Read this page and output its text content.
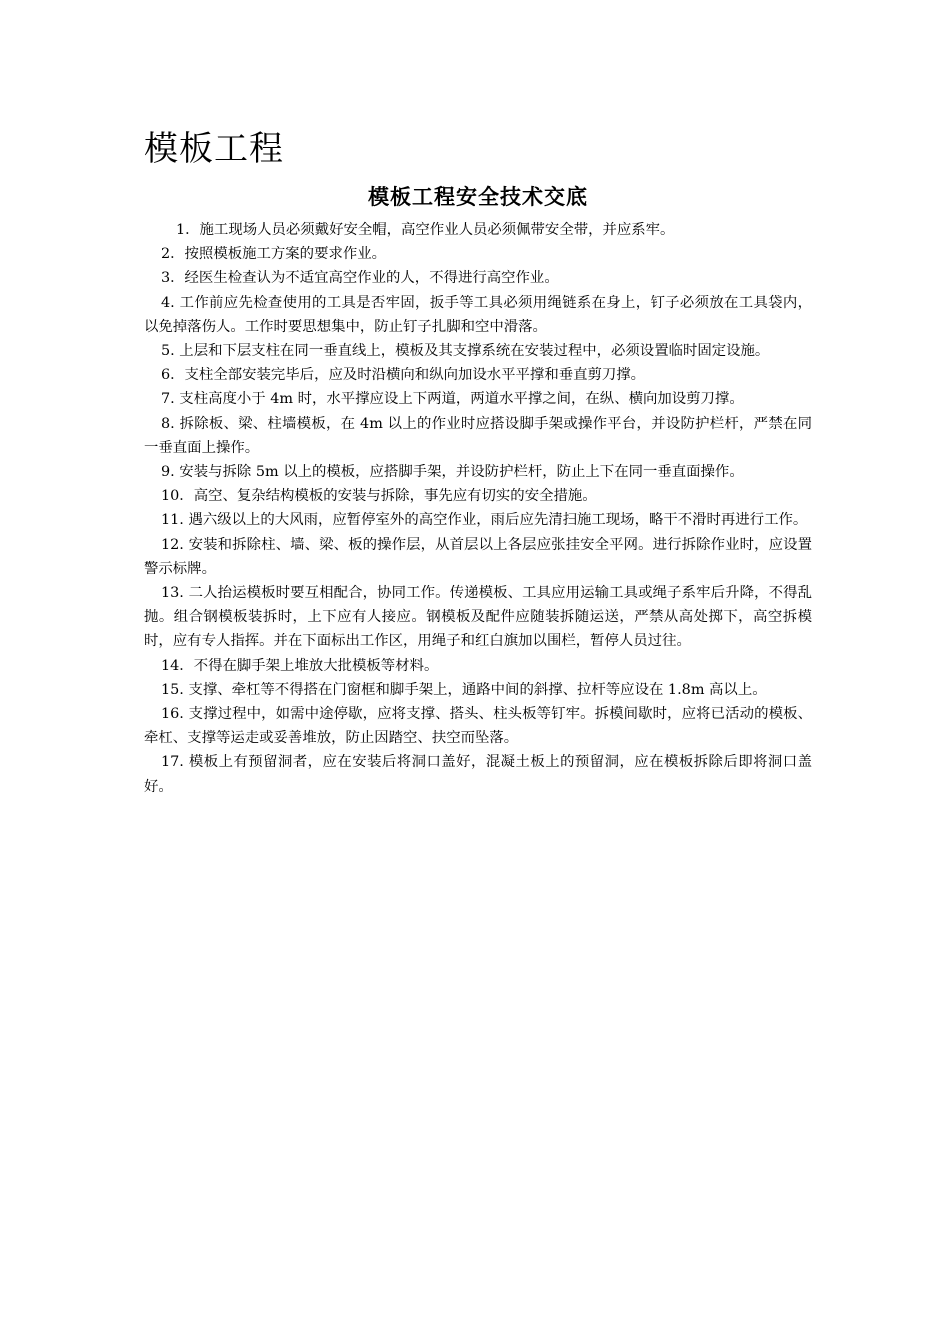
模板工程
模板工程安全技术交底

1．施工现场人员必须戴好安全帽，高空作业人员必须佩带安全带，并应系牢。

2．按照模板施工方案的要求作业。

3．经医生检查认为不适宜高空作业的人，不得进行高空作业。

4. 工作前应先检查使用的工具是否牢固，扳手等工具必须用绳链系在身上，钉子必须放在工具袋内，以免掉落伤人。工作时要思想集中，防止钉子扎脚和空中滑落。

5. 上层和下层支柱在同一垂直线上，模板及其支撑系统在安装过程中，必须设置临时固定设施。

6．支柱全部安装完毕后，应及时沿横向和纵向加设水平平撑和垂直剪刀撑。

7. 支柱高度小于 4m 时，水平撑应设上下两道，两道水平撑之间，在纵、横向加设剪刀撑。

8. 拆除板、梁、柱墙模板，在 4m 以上的作业时应搭设脚手架或操作平台，并设防护栏杆，严禁在同一垂直面上操作。

9. 安装与拆除 5m 以上的模板，应搭脚手架，并设防护栏杆，防止上下在同一垂直面操作。

10．高空、复杂结构模板的安装与拆除，事先应有切实的安全措施。

11. 遇六级以上的大风雨，应暂停室外的高空作业，雨后应先清扫施工现场，略干不滑时再进行工作。

12. 安装和拆除柱、墙、梁、板的操作层，从首层以上各层应张挂安全平网。进行拆除作业时，应设置警示标牌。

13. 二人抬运模板时要互相配合，协同工作。传递模板、工具应用运输工具或绳子系牢后升降，不得乱抛。组合钢模板装拆时，上下应有人接应。钢模板及配件应随装拆随运送，严禁从高处掷下，高空拆模时，应有专人指挥。并在下面标出工作区，用绳子和红白旗加以围栏，暂停人员过往。

14．不得在脚手架上堆放大批模板等材料。

15. 支撑、牵杠等不得搭在门窗框和脚手架上，通路中间的斜撑、拉杆等应设在 1.8m 高以上。

16. 支撑过程中，如需中途停歇，应将支撑、搭头、柱头板等钉牢。拆模间歇时，应将已活动的模板、牵杠、支撑等运走或妥善堆放，防止因踏空、扶空而坠落。

17. 模板上有预留洞者，应在安装后将洞口盖好，混凝土板上的预留洞，应在模板拆除后即将洞口盖好。
